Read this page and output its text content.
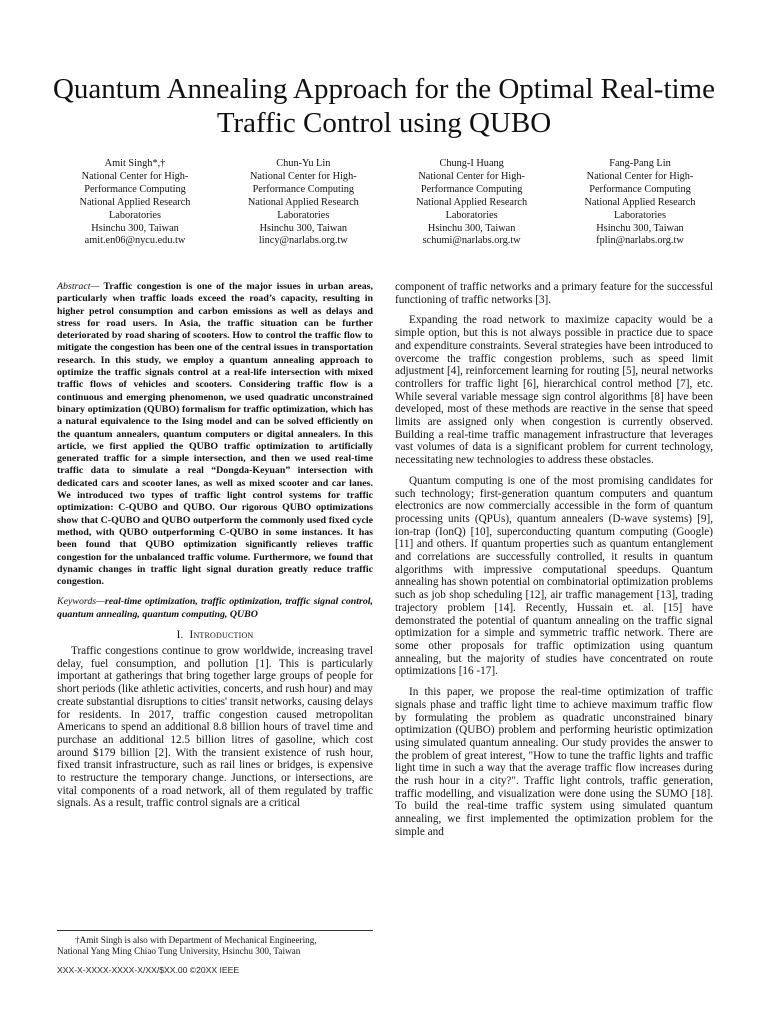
Quantum Annealing Approach for the Optimal Real-time Traffic Control using QUBO
Amit Singh*,†
National Center for High-
Performance Computing
National Applied Research
Laboratories
Hsinchu 300, Taiwan
amit.en06@nycu.edu.tw
Chun-Yu Lin
National Center for High-
Performance Computing
National Applied Research
Laboratories
Hsinchu 300, Taiwan
lincy@narlabs.org.tw
Chung-I Huang
National Center for High-
Performance Computing
National Applied Research
Laboratories
Hsinchu 300, Taiwan
schumi@narlabs.org.tw
Fang-Pang Lin
National Center for High-
Performance Computing
National Applied Research
Laboratories
Hsinchu 300, Taiwan
fplin@narlabs.org.tw

Abstract— Traffic congestion is one of the major issues in urban areas, particularly when traffic loads exceed the road’s capacity, resulting in higher petrol consumption and carbon emissions as well as delays and stress for road users. In Asia, the traffic situation can be further deteriorated by road sharing of scooters. How to control the traffic flow to mitigate the congestion has been one of the central issues in transportation research. In this study, we employ a quantum annealing approach to optimize the traffic signals control at a real-life intersection with mixed traffic flows of vehicles and scooters. Considering traffic flow is a continuous and emerging phenomenon, we used quadratic unconstrained binary optimization (QUBO) formalism for traffic optimization, which has a natural equivalence to the Ising model and can be solved efficiently on the quantum annealers, quantum computers or digital annealers. In this article, we first applied the QUBO traffic optimization to artificially generated traffic for a simple intersection, and then we used real-time traffic data to simulate a real “Dongda-Keyuan” intersection with dedicated cars and scooter lanes, as well as mixed scooter and car lanes. We introduced two types of traffic light control systems for traffic optimization: C-QUBO and QUBO. Our rigorous QUBO optimizations show that C-QUBO and QUBO outperform the commonly used fixed cycle method, with QUBO outperforming C-QUBO in some instances. It has been found that QUBO optimization significantly relieves traffic congestion for the unbalanced traffic volume. Furthermore, we found that dynamic changes in traffic light signal duration greatly reduce traffic congestion.

Keywords—real-time optimization, traffic optimization, traffic signal control, quantum annealing, quantum computing, QUBO

I. Introduction

Traffic congestions continue to grow worldwide, increasing travel delay, fuel consumption, and pollution [1]. This is particularly important at gatherings that bring together large groups of people for short periods (like athletic activities, concerts, and rush hour) and may create substantial disruptions to cities' transit networks, causing delays for residents. In 2017, traffic congestion caused metropolitan Americans to spend an additional 8.8 billion hours of travel time and purchase an additional 12.5 billion litres of gasoline, which cost around $179 billion [2]. With the transient existence of rush hour, fixed transit infrastructure, such as rail lines or bridges, is expensive to restructure the temporary change. Junctions, or intersections, are vital components of a road network, all of them regulated by traffic signals. As a result, traffic control signals are a critical

component of traffic networks and a primary feature for the successful functioning of traffic networks [3].

Expanding the road network to maximize capacity would be a simple option, but this is not always possible in practice due to space and expenditure constraints. Several strategies have been introduced to overcome the traffic congestion problems, such as speed limit adjustment [4], reinforcement learning for routing [5], neural networks controllers for traffic light [6], hierarchical control method [7], etc. While several variable message sign control algorithms [8] have been developed, most of these methods are reactive in the sense that speed limits are assigned only when congestion is currently observed. Building a real-time traffic management infrastructure that leverages vast volumes of data is a significant problem for current technology, necessitating new technologies to address these obstacles.

Quantum computing is one of the most promising candidates for such technology; first-generation quantum computers and quantum electronics are now commercially accessible in the form of quantum processing units (QPUs), quantum annealers (D-wave systems) [9], ion-trap (IonQ) [10], superconducting quantum computing (Google) [11] and others. If quantum properties such as quantum entanglement and correlations are successfully controlled, it results in quantum algorithms with impressive computational speedups. Quantum annealing has shown potential on combinatorial optimization problems such as job shop scheduling [12], air traffic management [13], trading trajectory problem [14]. Recently, Hussain et. al. [15] have demonstrated the potential of quantum annealing on the traffic signal optimization for a simple and symmetric traffic network. There are some other proposals for traffic optimization using quantum annealing, but the majority of studies have concentrated on route optimizations [16 -17].

In this paper, we propose the real-time optimization of traffic signals phase and traffic light time to achieve maximum traffic flow by formulating the problem as quadratic unconstrained binary optimization (QUBO) problem and performing heuristic optimization using simulated quantum annealing. Our study provides the answer to the problem of great interest, "How to tune the traffic lights and traffic light time in such a way that the average traffic flow increases during the rush hour in a city?". Traffic light controls, traffic generation, traffic modelling, and visualization were done using the SUMO [18]. To build the real-time traffic system using simulated quantum annealing, we first implemented the optimization problem for the simple and

†Amit Singh is also with Department of Mechanical Engineering,
National Yang Ming Chiao Tung University, Hsinchu 300, Taiwan
XXX-X-XXXX-XXXX-X/XX/$XX.00 ©20XX IEEE
